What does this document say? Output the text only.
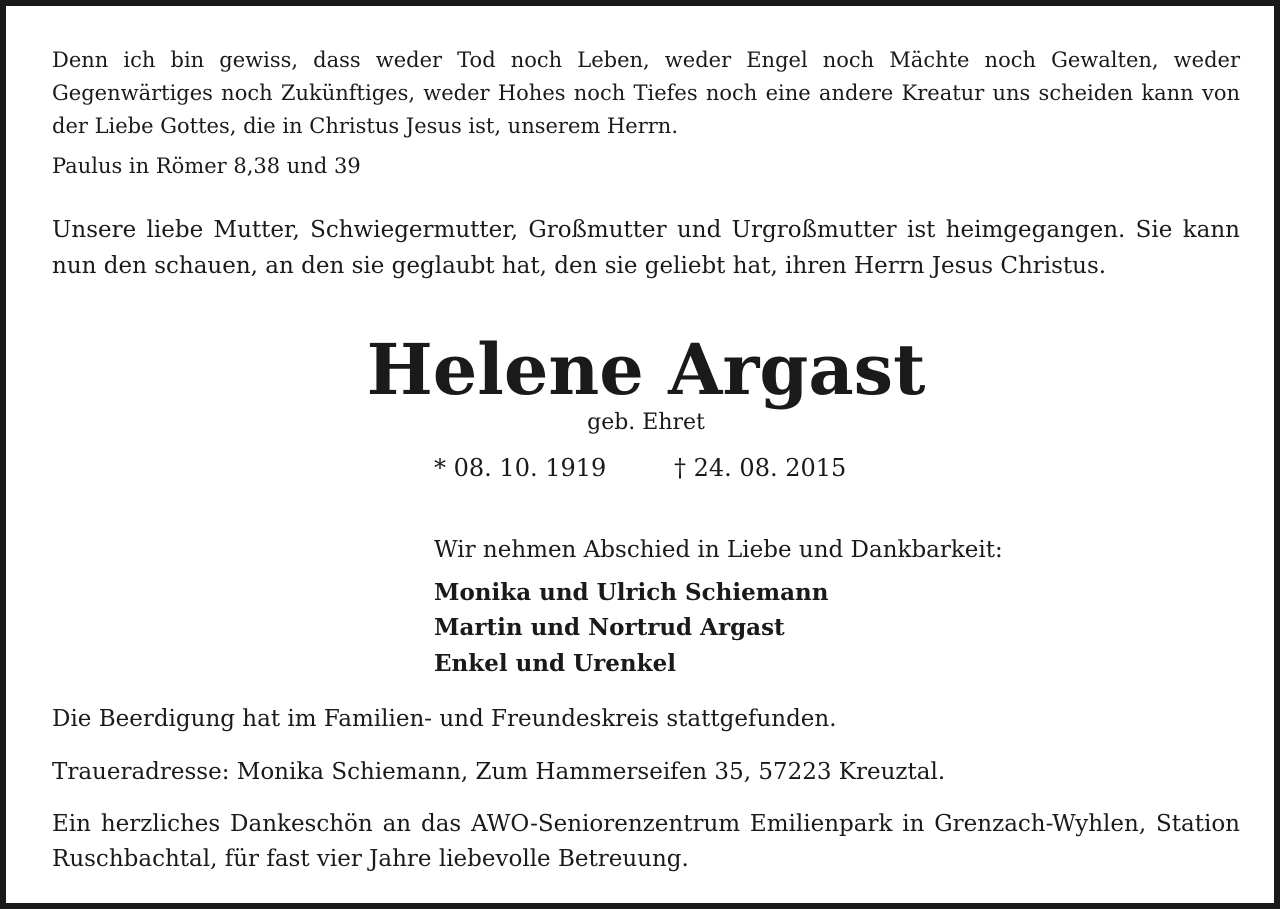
Denn ich bin gewiss, dass weder Tod noch Leben, weder Engel noch Mächte noch Gewalten, weder Gegenwärtiges noch Zukünftiges, weder Hohes noch Tiefes noch eine andere Kreatur uns scheiden kann von der Liebe Gottes, die in Christus Jesus ist, unserem Herrn.

Paulus in Römer 8,38 und 39

Unsere liebe Mutter, Schwiegermutter, Großmutter und Urgroßmutter ist heimgegangen. Sie kann nun den schauen, an den sie geglaubt hat, den sie geliebt hat, ihren Herrn Jesus Christus.

Helene Argast

geb. Ehret

* 08. 10. 1919	† 24. 08. 2015

Wir nehmen Abschied in Liebe und Dankbarkeit:

Monika und Ulrich Schiemann

Martin und Nortrud Argast

Enkel und Urenkel

Die Beerdigung hat im Familien- und Freundeskreis stattgefunden.

Traueradresse: Monika Schiemann, Zum Hammerseifen 35, 57223 Kreuztal.

Ein herzliches Dankeschön an das AWO-Seniorenzentrum Emilienpark in Grenzach-Wyhlen, Station Ruschbachtal, für fast vier Jahre liebevolle Betreuung.
